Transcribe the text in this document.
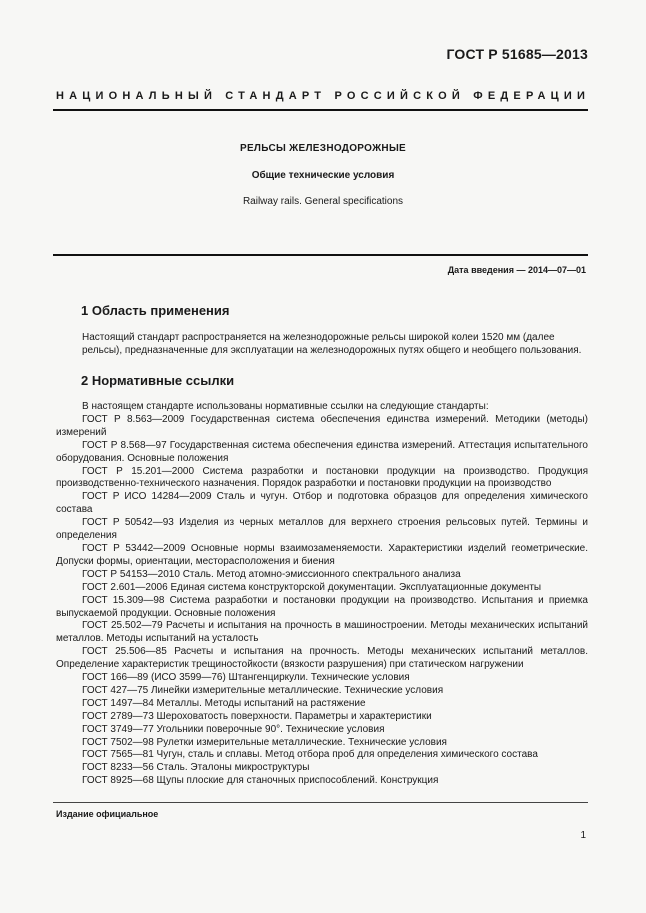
ГОСТ Р 51685—2013
НАЦИОНАЛЬНЫЙ СТАНДАРТ РОССИЙСКОЙ ФЕДЕРАЦИИ
РЕЛЬСЫ ЖЕЛЕЗНОДОРОЖНЫЕ
Общие технические условия
Railway rails. General specifications
Дата введения — 2014—07—01
1 Область применения
Настоящий стандарт распространяется на железнодорожные рельсы широкой колеи 1520 мм (далее рельсы), предназначенные для эксплуатации на железнодорожных путях общего и необщего пользования.
2 Нормативные ссылки
В настоящем стандарте использованы нормативные ссылки на следующие стандарты:
ГОСТ Р 8.563—2009 Государственная система обеспечения единства измерений. Методики (методы) измерений
ГОСТ Р 8.568—97 Государственная система обеспечения единства измерений. Аттестация испытательного оборудования. Основные положения
ГОСТ Р 15.201—2000 Система разработки и постановки продукции на производство. Продукция производственно-технического назначения. Порядок разработки и постановки продукции на производство
ГОСТ Р ИСО 14284—2009 Сталь и чугун. Отбор и подготовка образцов для определения химического состава
ГОСТ Р 50542—93 Изделия из черных металлов для верхнего строения рельсовых путей. Термины и определения
ГОСТ Р 53442—2009 Основные нормы взаимозаменяемости. Характеристики изделий геометрические. Допуски формы, ориентации, месторасположения и биения
ГОСТ Р 54153—2010 Сталь. Метод атомно-эмиссионного спектрального анализа
ГОСТ 2.601—2006 Единая система конструкторской документации. Эксплуатационные документы
ГОСТ 15.309—98 Система разработки и постановки продукции на производство. Испытания и приемка выпускаемой продукции. Основные положения
ГОСТ 25.502—79 Расчеты и испытания на прочность в машиностроении. Методы механических испытаний металлов. Методы испытаний на усталость
ГОСТ 25.506—85 Расчеты и испытания на прочность. Методы механических испытаний металлов. Определение характеристик трещиностойкости (вязкости разрушения) при статическом нагружении
ГОСТ 166—89 (ИСО 3599—76) Штангенциркули. Технические условия
ГОСТ 427—75 Линейки измерительные металлические. Технические условия
ГОСТ 1497—84 Металлы. Методы испытаний на растяжение
ГОСТ 2789—73 Шероховатость поверхности. Параметры и характеристики
ГОСТ 3749—77 Угольники поверочные 90°. Технические условия
ГОСТ 7502—98 Рулетки измерительные металлические. Технические условия
ГОСТ 7565—81 Чугун, сталь и сплавы. Метод отбора проб для определения химического состава
ГОСТ 8233—56 Сталь. Эталоны микроструктуры
ГОСТ 8925—68 Щупы плоские для станочных приспособлений. Конструкция
Издание официальное
1
